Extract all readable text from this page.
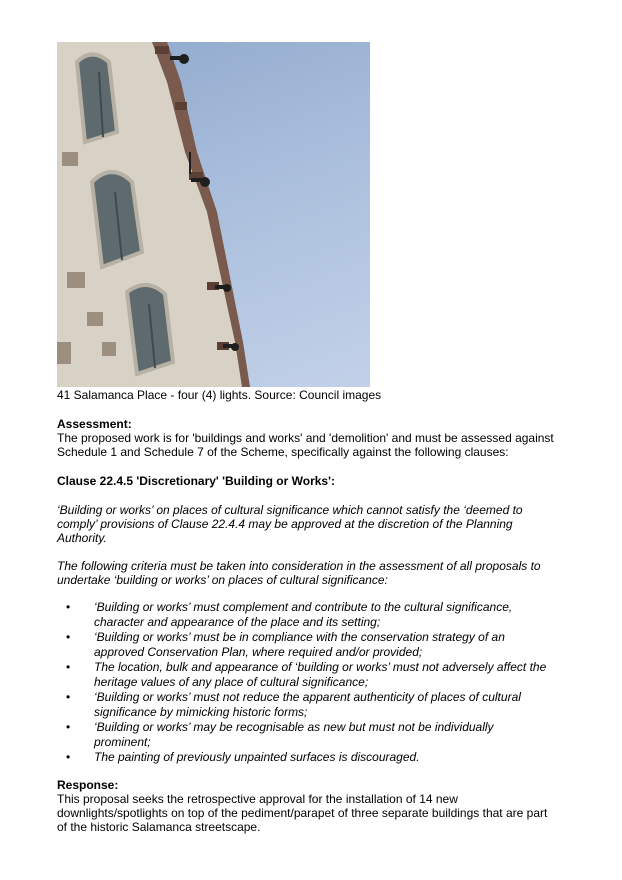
41 Salamanca Place - four (4) lights. Source: Council images
Assessment:
The proposed work is for 'buildings and works' and 'demolition' and must be assessed against
Schedule 1 and Schedule 7 of the Scheme, specifically against the following clauses:
Clause 22.4.5 'Discretionary' 'Building or Works':
‘Building or works’ on places of cultural significance which cannot satisfy the ‘deemed to
comply’ provisions of Clause 22.4.4 may be approved at the discretion of the Planning
Authority.
The following criteria must be taken into consideration in the assessment of all proposals to
undertake ‘building or works’ on places of cultural significance:
• ‘Building or works’ must complement and contribute to the cultural significance,
character and appearance of the place and its setting;
• ‘Building or works’ must be in compliance with the conservation strategy of an
approved Conservation Plan, where required and/or provided;
• The location, bulk and appearance of ‘building or works’ must not adversely affect the
heritage values of any place of cultural significance;
• ‘Building or works’ must not reduce the apparent authenticity of places of cultural
significance by mimicking historic forms;
• ‘Building or works’ may be recognisable as new but must not be individually
prominent;
• The painting of previously unpainted surfaces is discouraged.
Response:
This proposal seeks the retrospective approval for the installation of 14 new
downlights/spotlights on top of the pediment/parapet of three separate buildings that are part
of the historic Salamanca streetscape.
